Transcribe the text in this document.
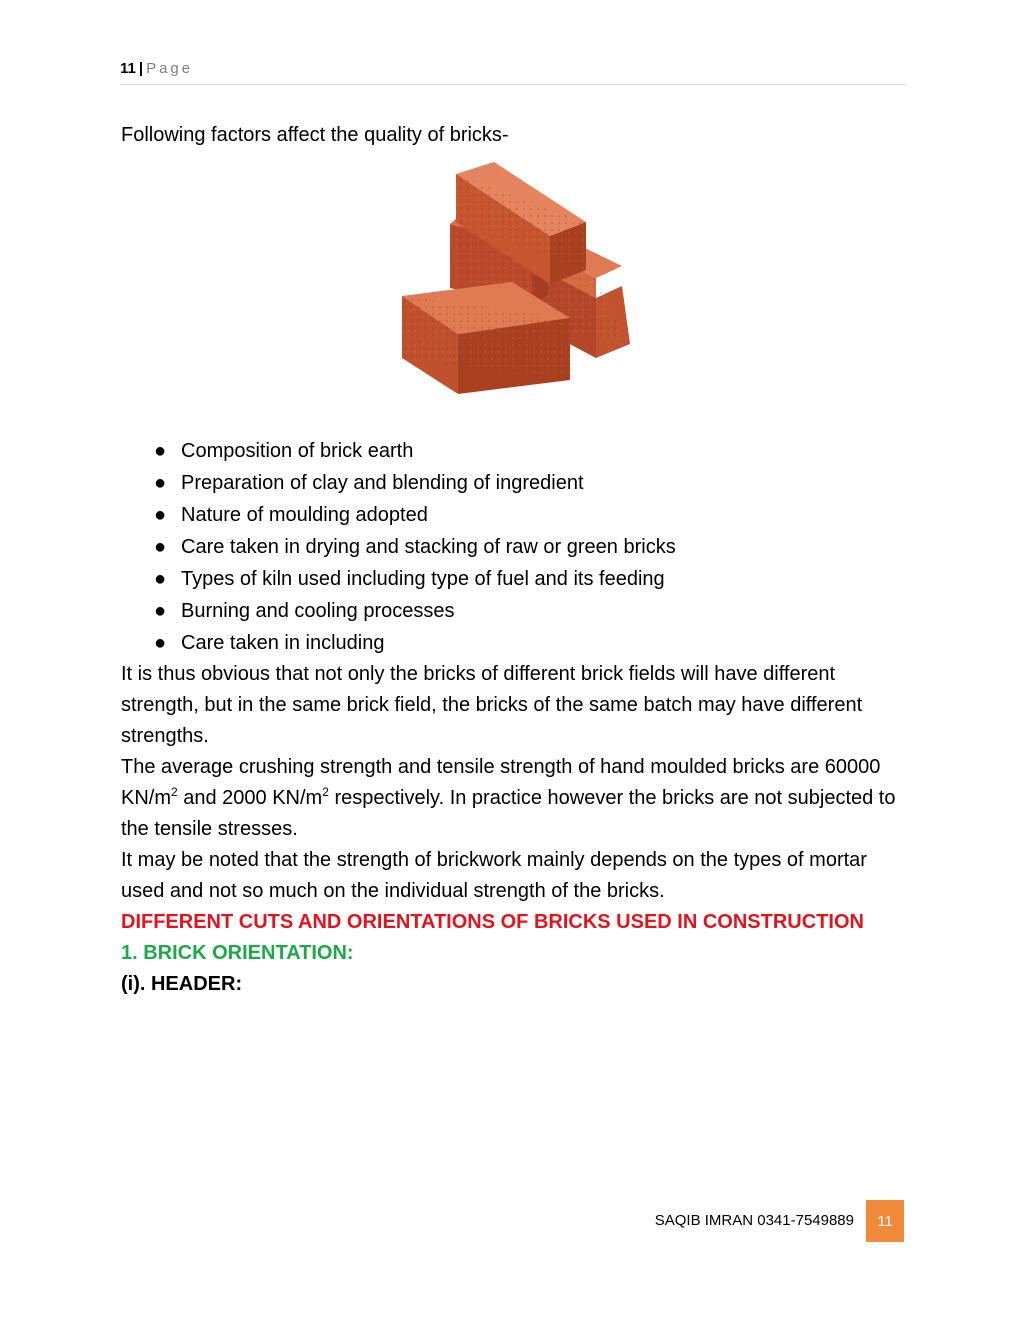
11 | Page
Following factors affect the quality of bricks-
● Composition of brick earth
● Preparation of clay and blending of ingredient
● Nature of moulding adopted
● Care taken in drying and stacking of raw or green bricks
● Types of kiln used including type of fuel and its feeding
● Burning and cooling processes
● Care taken in including

It is thus obvious that not only the bricks of different brick fields will have different strength, but in the same brick field, the bricks of the same batch may have different strengths.

The average crushing strength and tensile strength of hand moulded bricks are 60000 $KN/m^2$ and 2000 $KN/m^2$ respectively. In practice however the bricks are not subjected to the tensile stresses.

It may be noted that the strength of brickwork mainly depends on the types of mortar used and not so much on the individual strength of the bricks.

DIFFERENT CUTS AND ORIENTATIONS OF BRICKS USED IN CONSTRUCTION

1. BRICK ORIENTATION:

(i). HEADER:

SAQIB IMRAN 0341-7549889	11
